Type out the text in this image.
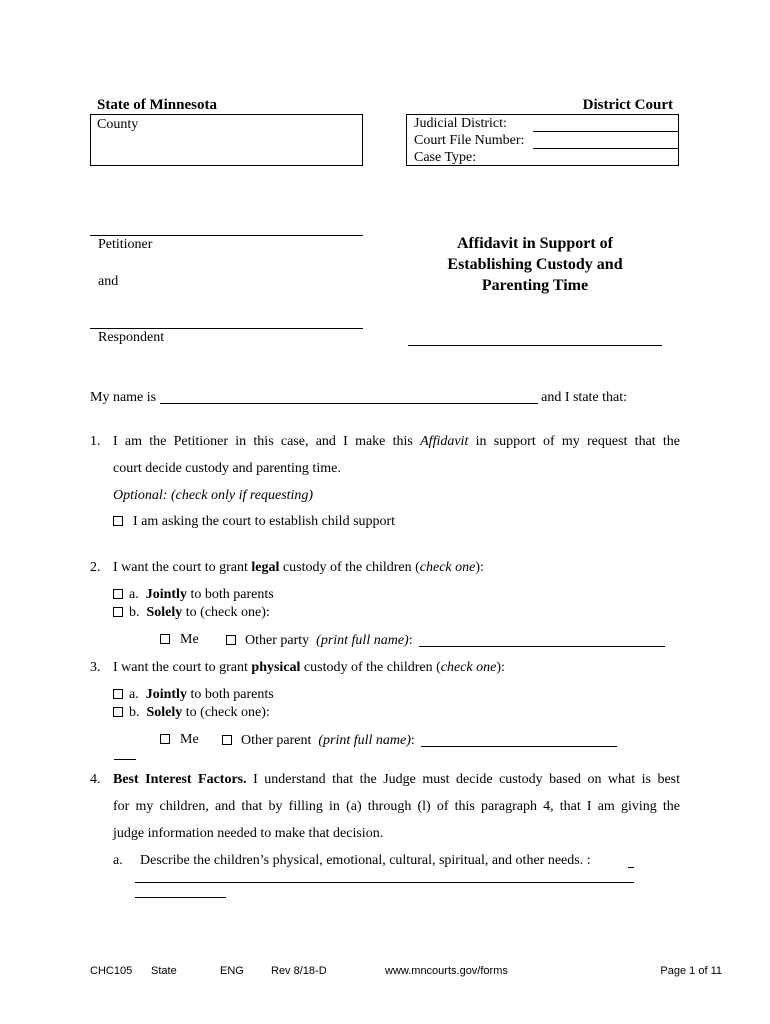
State of Minnesota	District Court
County	Judicial District:
Court File Number:
Case Type:
Petitioner
and
Respondent
Affidavit in Support of
Establishing Custody and
Parenting Time
My name is	and I state that:
1. I am the Petitioner in this case, and I make this Affidavit in support of my request that the
court decide custody and parenting time.
Optional: (check only if requesting)
I am asking the court to establish child support
2. I want the court to grant legal custody of the children (check one):
a. Jointly to both parents
b. Solely to (check one):
Me	Other party (print full name):
3. I want the court to grant physical custody of the children (check one):
a. Jointly to both parents
b. Solely to (check one):
Me	Other parent (print full name):
4. Best Interest Factors. I understand that the Judge must decide custody based on what is best
for my children, and that by filling in (a) through (l) of this paragraph 4, that I am giving the
judge information needed to make that decision.
a. Describe the children’s physical, emotional, cultural, spiritual, and other needs. :
CHC105 State	ENG Rev 8/18-D	www.mncourts.gov/forms	Page 1 of 11
